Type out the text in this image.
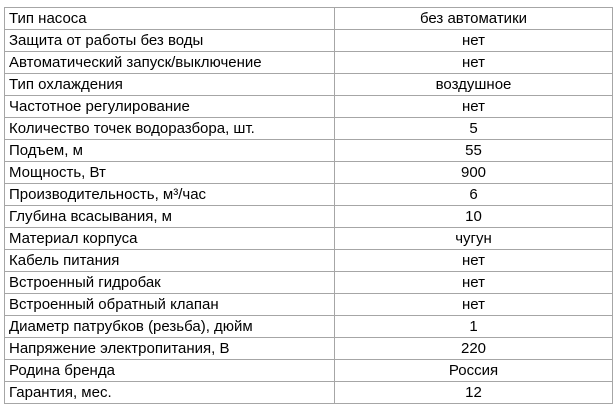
Тип насоса	без автоматики
Защита от работы без воды	нет
Автоматический запуск/выключение	нет
Тип охлаждения	воздушное
Частотное регулирование	нет
Количество точек водоразбора, шт.	5
Подъем, м	55
Мощность, Вт	900
Производительность, м³/час	6
Глубина всасывания, м	10
Материал корпуса	чугун
Кабель питания	нет
Встроенный гидробак	нет
Встроенный обратный клапан	нет
Диаметр патрубков (резьба), дюйм	1
Напряжение электропитания, В	220
Родина бренда	Россия
Гарантия, мес.	12
